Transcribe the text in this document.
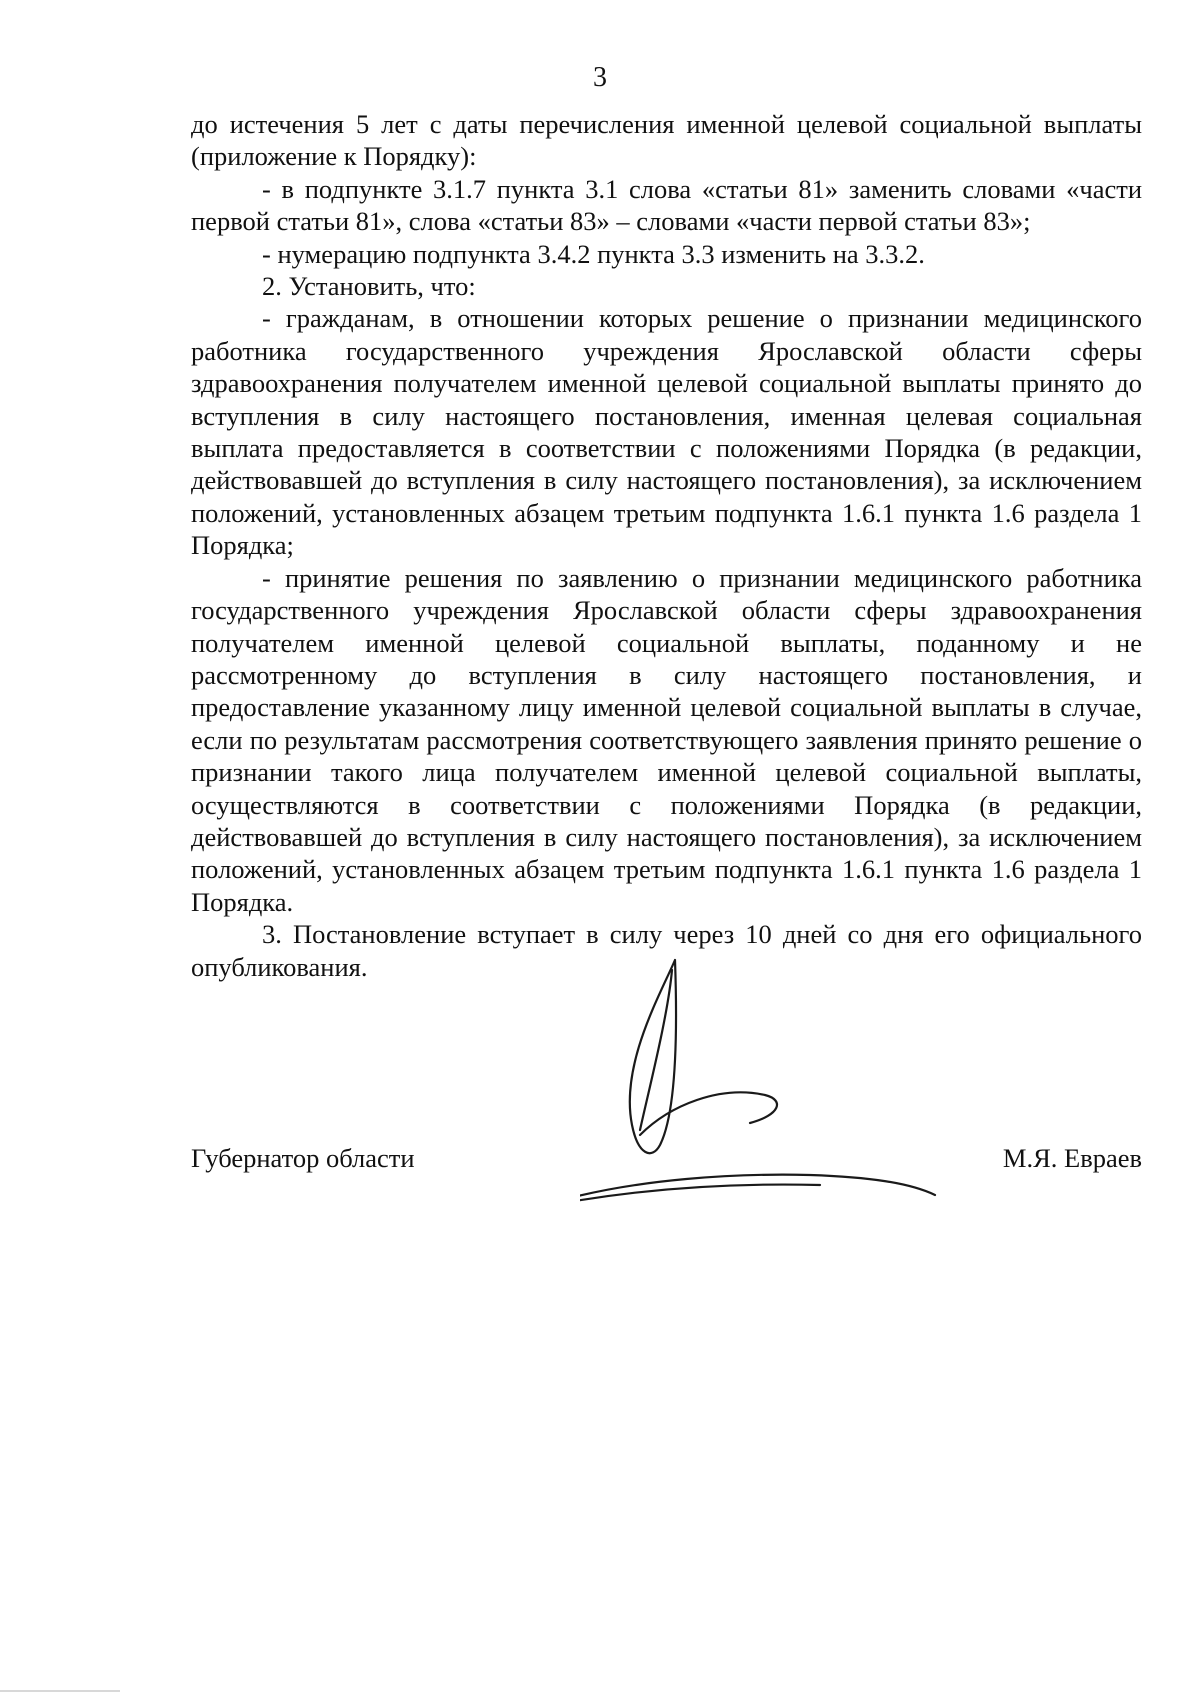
3

до истечения 5 лет с даты перечисления именной целевой социальной выплаты (приложение к Порядку):

- в подпункте 3.1.7 пункта 3.1 слова «статьи 81» заменить словами «части первой статьи 81», слова «статьи 83» – словами «части первой статьи 83»;

- нумерацию подпункта 3.4.2 пункта 3.3 изменить на 3.3.2.

2. Установить, что:

- гражданам, в отношении которых решение о признании медицинского работника государственного учреждения Ярославской области сферы здравоохранения получателем именной целевой социальной выплаты принято до вступления в силу настоящего постановления, именная целевая социальная выплата предоставляется в соответствии с положениями Порядка (в редакции, действовавшей до вступления в силу настоящего постановления), за исключением положений, установленных абзацем третьим подпункта 1.6.1 пункта 1.6 раздела 1 Порядка;

- принятие решения по заявлению о признании медицинского работника государственного учреждения Ярославской области сферы здравоохранения получателем именной целевой социальной выплаты, поданному и не рассмотренному до вступления в силу настоящего постановления, и предоставление указанному лицу именной целевой социальной выплаты в случае, если по результатам рассмотрения соответствующего заявления принято решение о признании такого лица получателем именной целевой социальной выплаты, осуществляются в соответствии с положениями Порядка (в редакции, действовавшей до вступления в силу настоящего постановления), за исключением положений, установленных абзацем третьим подпункта 1.6.1 пункта 1.6 раздела 1 Порядка.

3. Постановление вступает в силу через 10 дней со дня его официального опубликования.

Губернатор области	М.Я. Евраев
